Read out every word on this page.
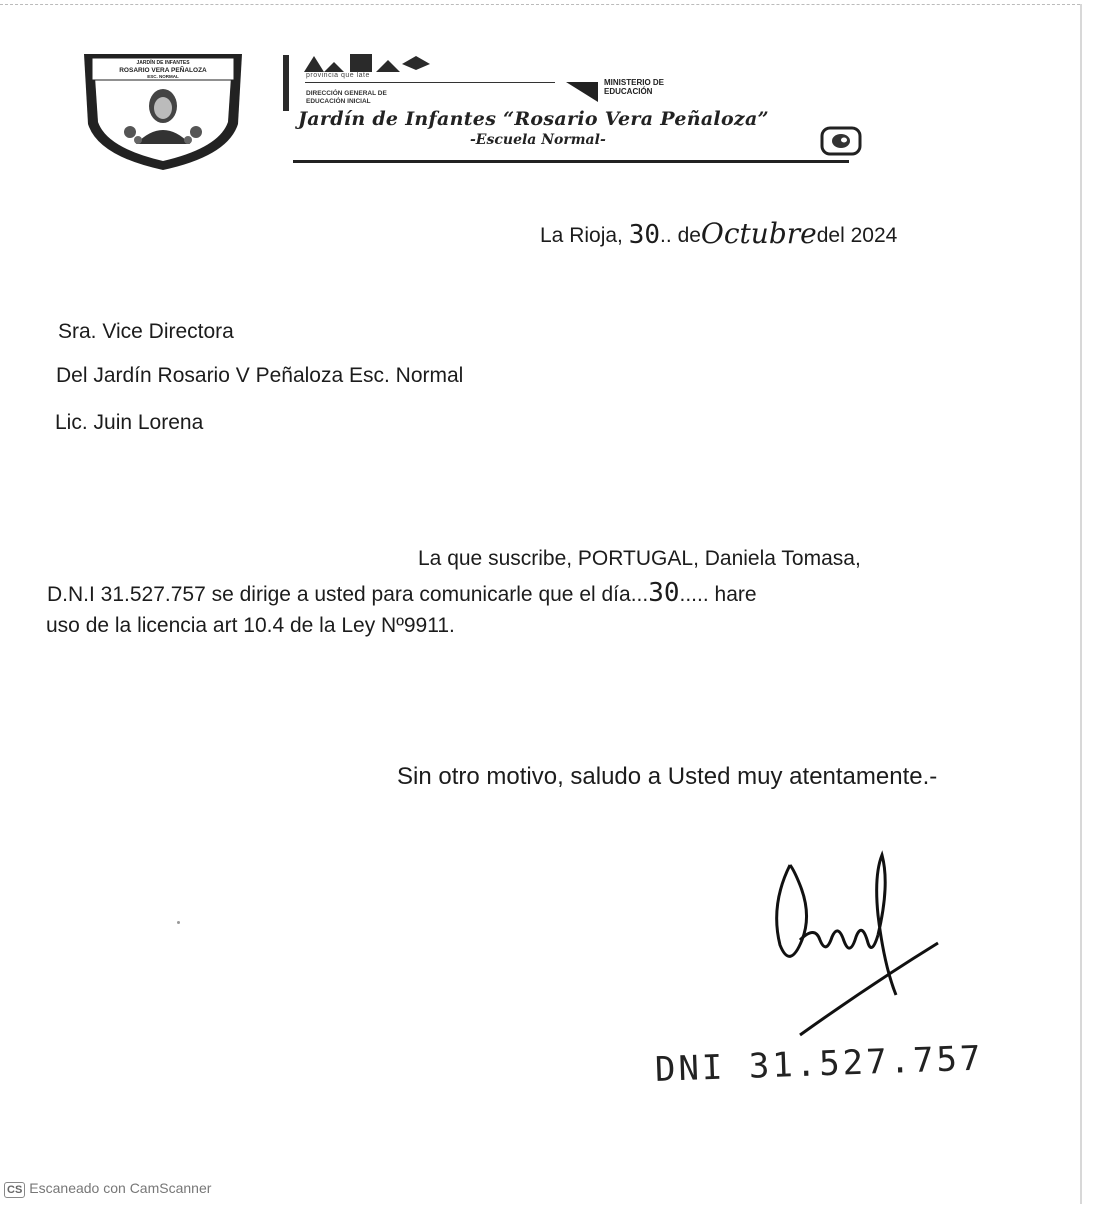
JARDÍN DE INFANTES
ROSARIO VERA PEÑALOZA
ESC. NORMAL	provincia que late
DIRECCIÓN GENERAL DE
EDUCACIÓN INICIAL
MINISTERIO DE
EDUCACIÓN
Jardín de Infantes “Rosario Vera Peñaloza”
-Escuela Normal-
La Rioja, 30.. deOctubredel 2024
Sra. Vice Directora
Del Jardín Rosario V Peñaloza Esc. Normal
Lic. Juin Lorena
La que suscribe, PORTUGAL, Daniela Tomasa,
D.N.I 31.527.757 se dirige a usted para comunicarle que el día...30..... hare
uso de la licencia art 10.4 de la Ley Nº9911.
Sin otro motivo, saludo a Usted muy atentamente.-
DNI 31.527.757
CS Escaneado con CamScanner
